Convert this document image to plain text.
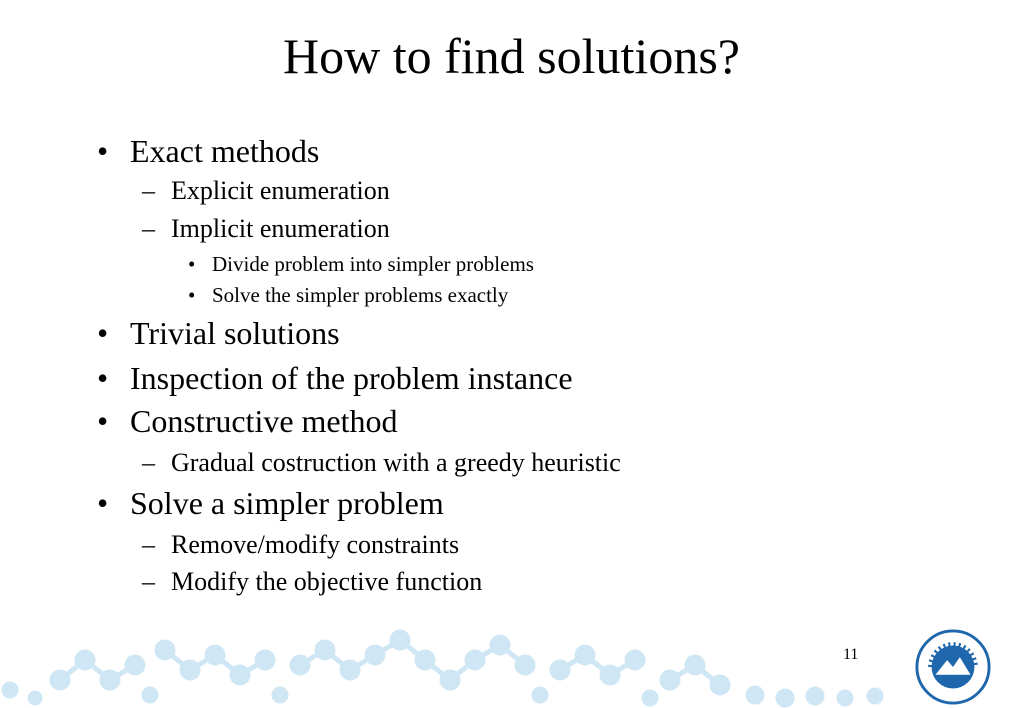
How to find solutions?
• Exact methods
– Explicit enumeration
– Implicit enumeration
• Divide problem into simpler problems
• Solve the simpler problems exactly
• Trivial solutions
• Inspection of the problem instance
• Constructive method
– Gradual costruction with a greedy heuristic
• Solve a simpler problem
– Remove/modify constraints
– Modify the objective function
11
